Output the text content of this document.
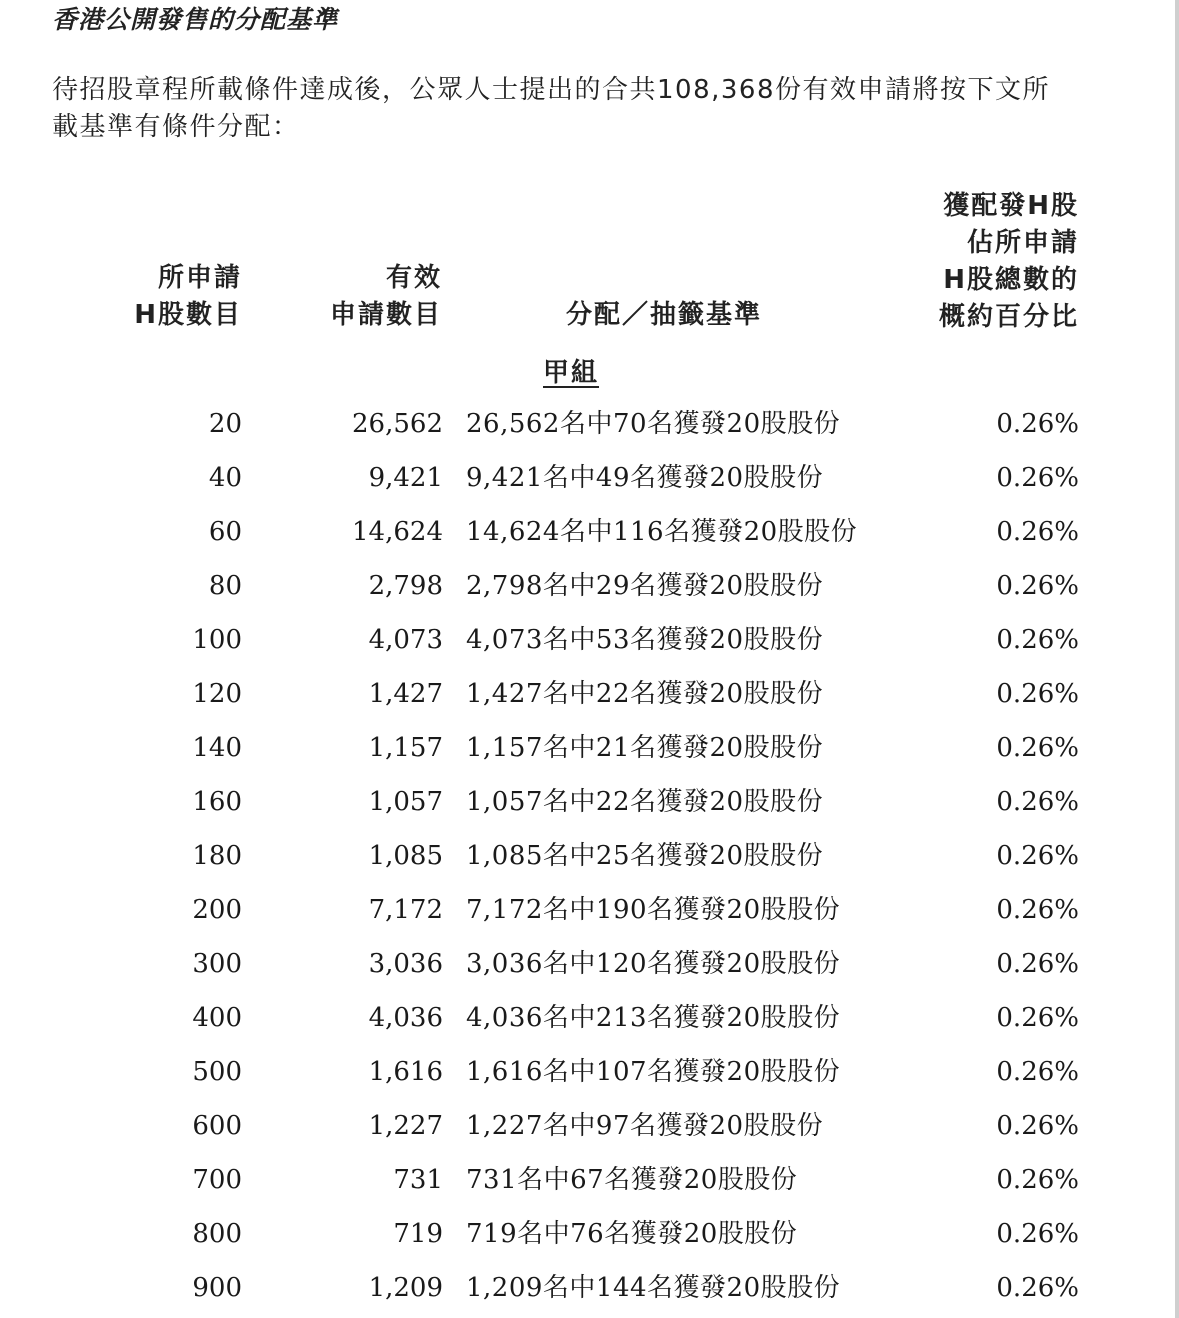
香港公開發售的分配基準
待招股章程所載條件達成後，公眾人士提出的合共108,368份有效申請將按下文所
載基準有條件分配：
所申請
H股數目
有效
申請數目	分配／抽籤基準
獲配發H股
佔所申請
H股總數的
概約百分比
甲組
20	26,562 26,562名中70名獲發20股股份	0.26%
40	9,421 9,421名中49名獲發20股股份	0.26%
60	14,624 14,624名中116名獲發20股股份	0.26%
80	2,798 2,798名中29名獲發20股股份	0.26%
100	4,073 4,073名中53名獲發20股股份	0.26%
120	1,427 1,427名中22名獲發20股股份	0.26%
140	1,157 1,157名中21名獲發20股股份	0.26%
160	1,057 1,057名中22名獲發20股股份	0.26%
180	1,085 1,085名中25名獲發20股股份	0.26%
200	7,172 7,172名中190名獲發20股股份	0.26%
300	3,036 3,036名中120名獲發20股股份	0.26%
400	4,036 4,036名中213名獲發20股股份	0.26%
500	1,616 1,616名中107名獲發20股股份	0.26%
600	1,227 1,227名中97名獲發20股股份	0.26%
700	731 731名中67名獲發20股股份	0.26%
800	719 719名中76名獲發20股股份	0.26%
900	1,209 1,209名中144名獲發20股股份	0.26%
